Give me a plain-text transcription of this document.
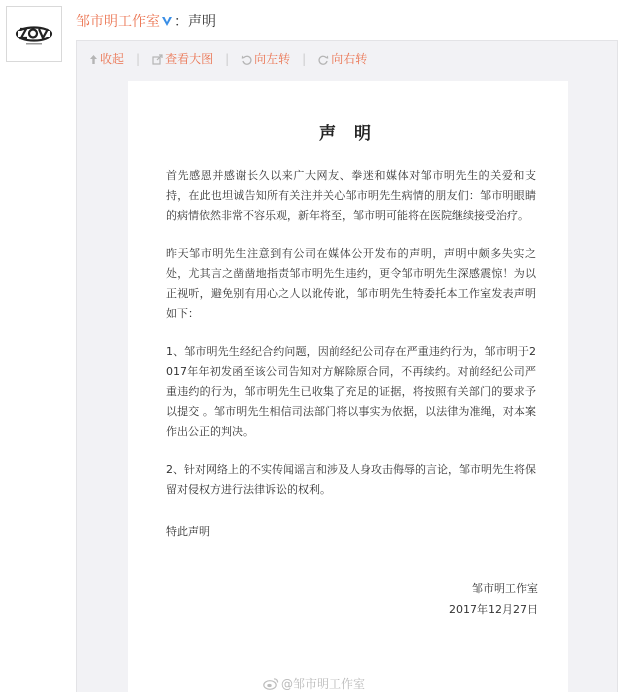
邹市明工作室 ：声明
收起 | 查看大图 | 向左转 | 向右转
声 明

首先感恩并感谢长久以来广大网友、拳迷和媒体对邹市明先生的关爱和支持，在此也坦诚告知所有关注并关心邹市明先生病情的朋友们：邹市明眼睛的病情依然非常不容乐观，新年将至，邹市明可能将在医院继续接受治疗。

昨天邹市明先生注意到有公司在媒体公开发布的声明，声明中颇多失实之处，尤其言之凿凿地指责邹市明先生违约，更令邹市明先生深感震惊！为以正视听，避免别有用心之人以讹传讹，邹市明先生特委托本工作室发表声明如下：

1、邹市明先生经纪合约问题，因前经纪公司存在严重违约行为，邹市明于2017年年初发函至该公司告知对方解除原合同，不再续约。对前经纪公司严重违约的行为，邹市明先生已收集了充足的证据，将按照有关部门的要求予以提交 。邹市明先生相信司法部门将以事实为依据，以法律为准绳，对本案作出公正的判决。

2、针对网络上的不实传闻谣言和涉及人身攻击侮辱的言论，邹市明先生将保留对侵权方进行法律诉讼的权利。

特此声明

邹市明工作室
2017年12月27日
@邹市明工作室
